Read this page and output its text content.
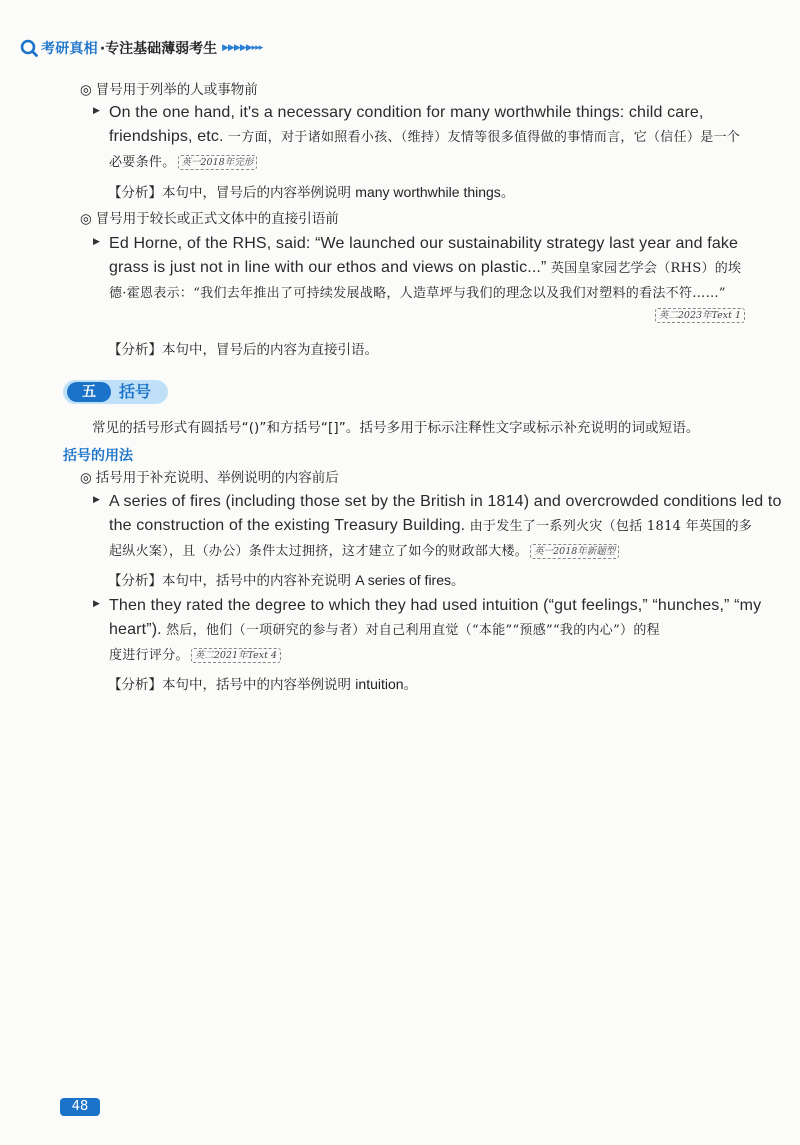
考研真相 ·专注基础薄弱考生 ▶▶▶▶▶▸▸▸
◎ 冒号用于列举的人或事物前
▶ On the one hand, it's a necessary condition for many worthwhile things: child care, friendships, etc. 一方面，对于诸如照看小孩、（维持）友情等很多值得做的事情而言，它（信任）是一个必要条件。 英一2018年完形
【分析】本句中，冒号后的内容举例说明 many worthwhile things。
◎ 冒号用于较长或正式文体中的直接引语前
▶ Ed Horne, of the RHS, said: “We launched our sustainability strategy last year and fake grass is just not in line with our ethos and views on plastic...” 英国皇家园艺学会（RHS）的埃德·霍恩表示：“我们去年推出了可持续发展战略，人造草坪与我们的理念以及我们对塑料的看法不符……”
英二2023年Text 1
【分析】本句中，冒号后的内容为直接引语。
五	括号
常见的括号形式有圆括号“()”和方括号“[]”。括号多用于标示注释性文字或标示补充说明的词或短语。
括号的用法
◎ 括号用于补充说明、举例说明的内容前后
▶ A series of fires (including those set by the British in 1814) and overcrowded conditions led to
the construction of the existing Treasury Building. 由于发生了一系列火灾（包括 1814 年英国的多
起纵火案），且（办公）条件太过拥挤，这才建立了如今的财政部大楼。 英一2018年新题型
【分析】本句中，括号中的内容补充说明 A series of fires。
▶ Then they rated the degree to which they had used intuition (“gut feelings,” “hunches,” “my
heart”). 然后，他们（一项研究的参与者）对自己利用直觉（“本能”“预感”“我的内心”）的程
度进行评分。 英二2021年Text 4
【分析】本句中，括号中的内容举例说明 intuition。
48
